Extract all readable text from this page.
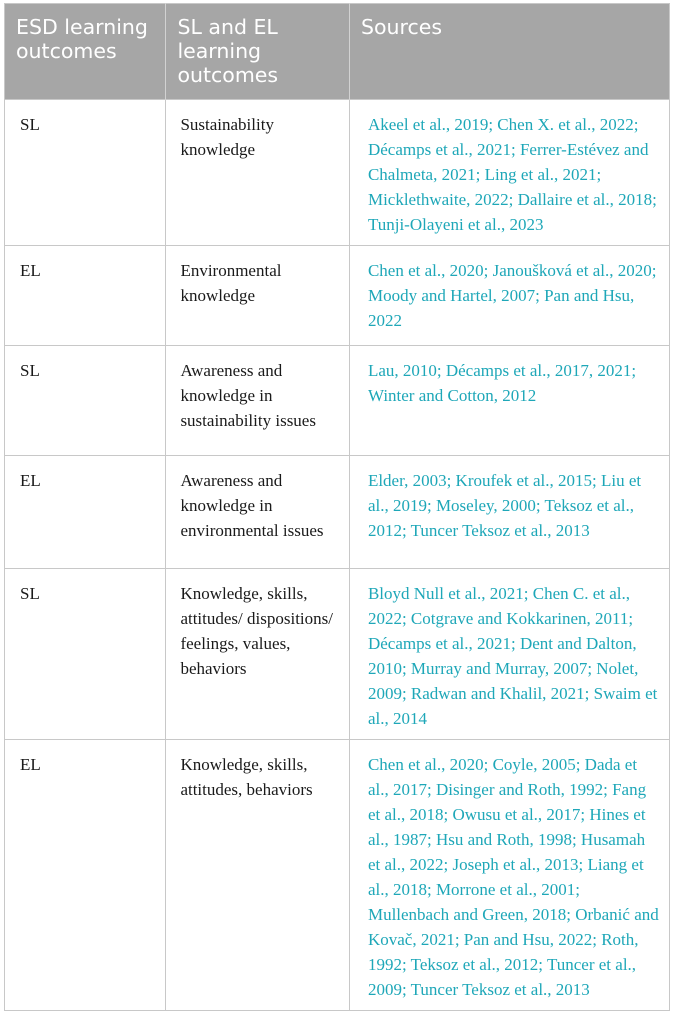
ESD learning outcomes	SL and EL learning outcomes	Sources
SL	Sustainability knowledge	Akeel et al., 2019; Chen X. et al., 2022; Décamps et al., 2021; Ferrer-Estévez and Chalmeta, 2021; Ling et al., 2021; Micklethwaite, 2022; Dallaire et al., 2018; Tunji-Olayeni et al., 2023
EL	Environmental knowledge	Chen et al., 2020; Janoušková et al., 2020; Moody and Hartel, 2007; Pan and Hsu, 2022
SL	Awareness and knowledge in sustainability issues	Lau, 2010; Décamps et al., 2017, 2021; Winter and Cotton, 2012
EL	Awareness and knowledge in environmental issues	Elder, 2003; Kroufek et al., 2015; Liu et al., 2019; Moseley, 2000; Teksoz et al., 2012; Tuncer Teksoz et al., 2013
SL	Knowledge, skills, attitudes/ dispositions/ feelings, values, behaviors	Bloyd Null et al., 2021; Chen C. et al., 2022; Cotgrave and Kokkarinen, 2011; Décamps et al., 2021; Dent and Dalton, 2010; Murray and Murray, 2007; Nolet, 2009; Radwan and Khalil, 2021; Swaim et al., 2014
EL	Knowledge, skills, attitudes, behaviors	Chen et al., 2020; Coyle, 2005; Dada et al., 2017; Disinger and Roth, 1992; Fang et al., 2018; Owusu et al., 2017; Hines et al., 1987; Hsu and Roth, 1998; Husamah et al., 2022; Joseph et al., 2013; Liang et al., 2018; Morrone et al., 2001; Mullenbach and Green, 2018; Orbanić and Kovač, 2021; Pan and Hsu, 2022; Roth, 1992; Teksoz et al., 2012; Tuncer et al., 2009; Tuncer Teksoz et al., 2013
